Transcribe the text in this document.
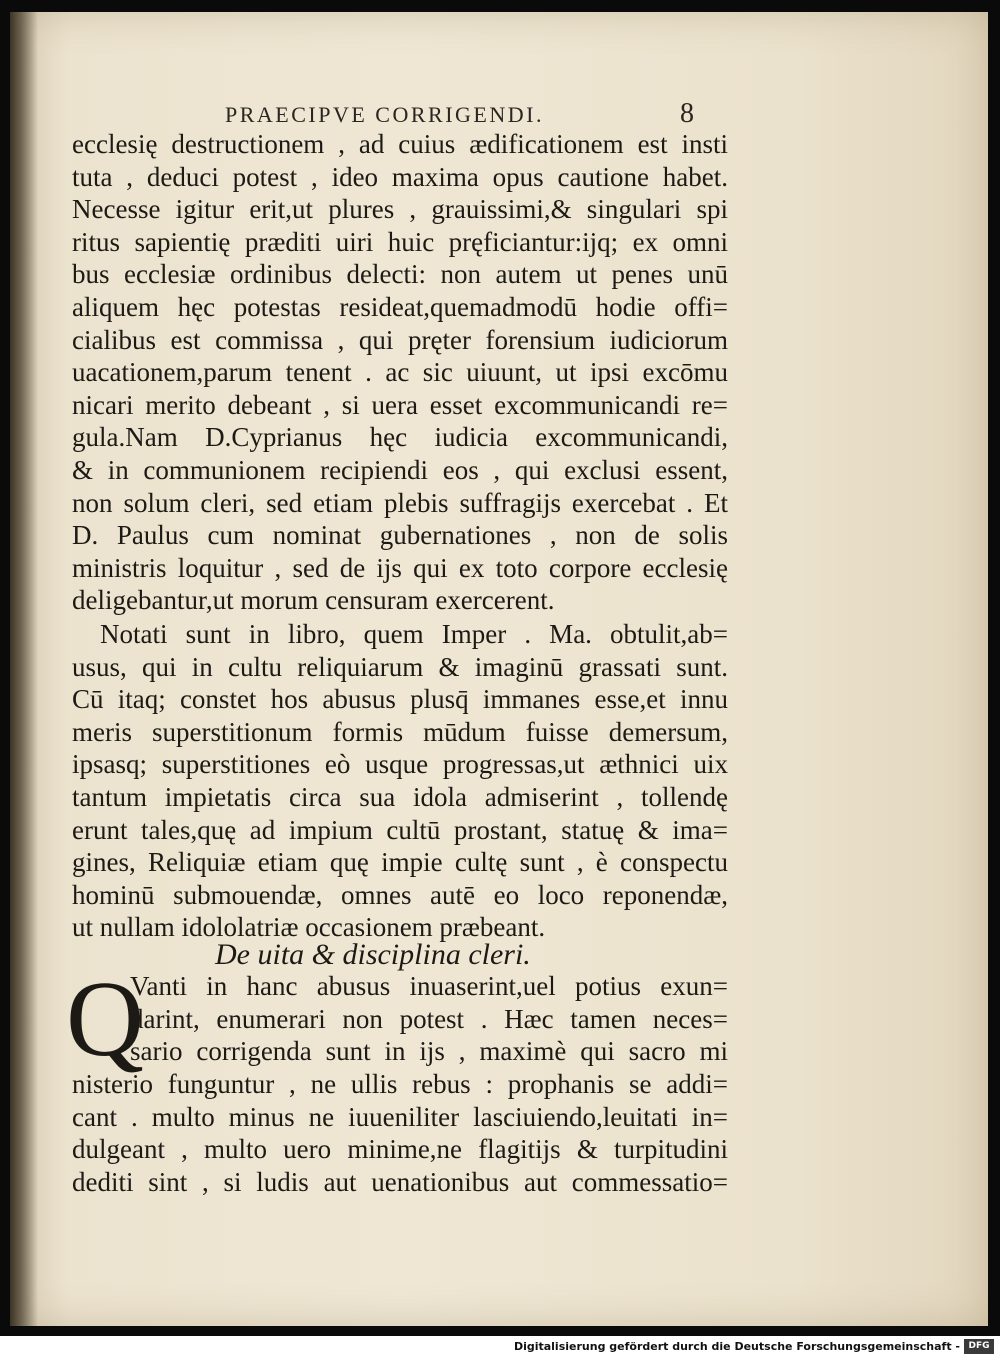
PRAECIPVE CORRIGENDI.	8
De uita & disciplina cleri.
Q
ecclesię destructionem , ad cuius ædificationem est insti
tuta , deduci potest , ideo maxima opus cautione habet.
Necesse igitur erit,ut plures , grauissimi,& singulari spi
ritus sapientię præditi uiri huic pręficiantur:ijq; ex omni
bus ecclesiæ ordinibus delecti: non autem ut penes unū
aliquem hęc potestas resideat,quemadmodū hodie offi=
cialibus est commissa , qui pręter forensium iudiciorum
uacationem,parum tenent . ac sic uiuunt, ut ipsi excōmu
nicari merito debeant , si uera esset excommunicandi re=
gula.Nam D.Cyprianus hęc iudicia excommunicandi,
& in communionem recipiendi eos , qui exclusi essent,
non solum cleri, sed etiam plebis suffragijs exercebat . Et
D. Paulus cum nominat gubernationes , non de solis
ministris loquitur , sed de ijs qui ex toto corpore ecclesię
deligebantur,ut morum censuram exercerent.
Notati sunt in libro, quem Imper . Ma. obtulit,ab=
usus, qui in cultu reliquiarum & imaginū grassati sunt.
Cū itaq; constet hos abusus plusq̄ immanes esse,et innu
meris superstitionum formis mūdum fuisse demersum,
ipsasq; superstitiones eò usque progressas,ut æthnici uix
tantum impietatis circa sua idola admiserint , tollendę
erunt tales,quę ad impium cultū prostant, statuę & ima=
gines, Reliquiæ etiam quę impie cultę sunt , è conspectu
hominū submouendæ, omnes autē eo loco reponendæ,
ut nullam idololatriæ occasionem præbeant.
Vanti in hanc abusus inuaserint,uel potius exun=
darint, enumerari non potest . Hæc tamen neces=
sario corrigenda sunt in ijs , maximè qui sacro mi
nisterio funguntur , ne ullis rebus : prophanis se addi=
cant . multo minus ne iuueniliter lasciuiendo,leuitati in=
dulgeant , multo uero minime,ne flagitijs & turpitudini
dediti sint , si ludis aut uenationibus aut commessatio=
Digitalisierung gefördert durch die Deutsche Forschungsgemeinschaft - DFG
